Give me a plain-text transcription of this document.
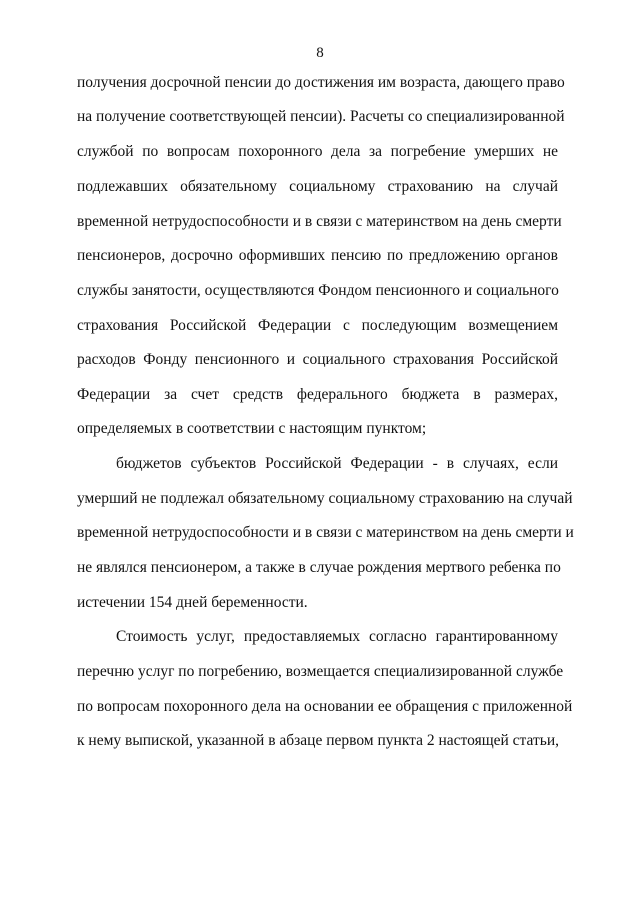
8
получения досрочной пенсии до достижения им возраста, дающего право
на получение соответствующей пенсии). Расчеты со специализированной
службой по вопросам похоронного дела за погребение умерших не
подлежавших обязательному социальному страхованию на случай
временной нетрудоспособности и в связи с материнством на день смерти
пенсионеров, досрочно оформивших пенсию по предложению органов
службы занятости, осуществляются Фондом пенсионного и социального
страхования Российской Федерации с последующим возмещением
расходов Фонду пенсионного и социального страхования Российской
Федерации за счет средств федерального бюджета в размерах,
определяемых в соответствии с настоящим пунктом;
бюджетов субъектов Российской Федерации - в случаях, если
умерший не подлежал обязательному социальному страхованию на случай
временной нетрудоспособности и в связи с материнством на день смерти и
не являлся пенсионером, а также в случае рождения мертвого ребенка по
истечении 154 дней беременности.
Стоимость услуг, предоставляемых согласно гарантированному
перечню услуг по погребению, возмещается специализированной службе
по вопросам похоронного дела на основании ее обращения с приложенной
к нему выпиской, указанной в абзаце первом пункта 2 настоящей статьи,
